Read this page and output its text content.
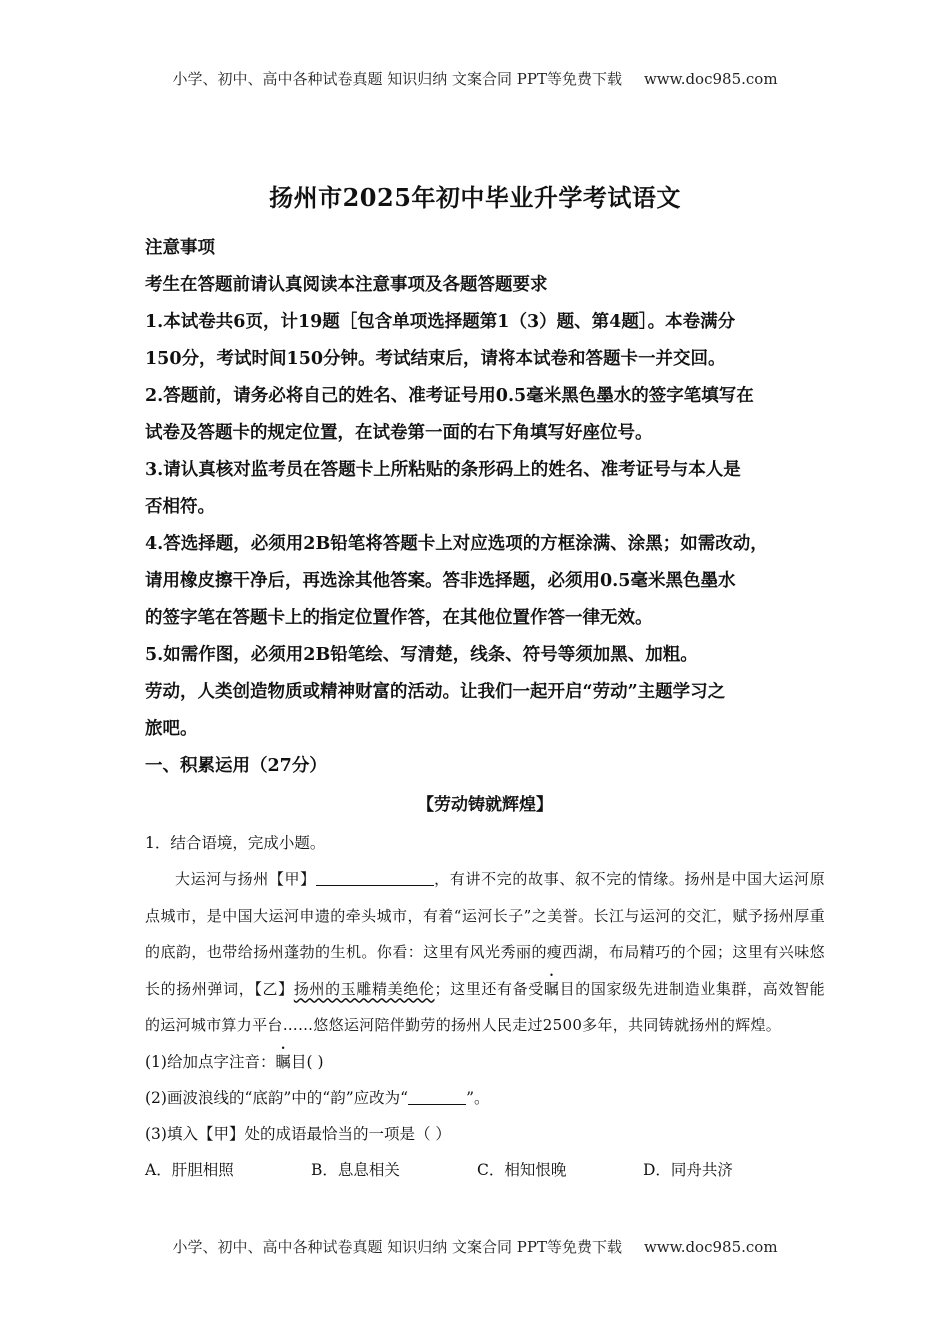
小学、初中、高中各种试卷真题 知识归纳 文案合同 PPT等免费下载 www.doc985.com
扬州市2025年初中毕业升学考试语文

注意事项

考生在答题前请认真阅读本注意事项及各题答题要求

1.本试卷共6页，计19题［包含单项选择题第1（3）题、第4题］。本卷满分

150分，考试时间150分钟。考试结束后，请将本试卷和答题卡一并交回。

2.答题前，请务必将自己的姓名、准考证号用0.5毫米黑色墨水的签字笔填写在

试卷及答题卡的规定位置，在试卷第一面的右下角填写好座位号。

3.请认真核对监考员在答题卡上所粘贴的条形码上的姓名、准考证号与本人是

否相符。

4.答选择题，必须用2B铅笔将答题卡上对应选项的方框涂满、涂黑；如需改动，

请用橡皮擦干净后，再选涂其他答案。答非选择题，必须用0.5毫米黑色墨水

的签字笔在答题卡上的指定位置作答，在其他位置作答一律无效。

5.如需作图，必须用2B铅笔绘、写清楚，线条、符号等须加黑、加粗。

劳动，人类创造物质或精神财富的活动。让我们一起开启“劳动”主题学习之

旅吧。

一、积累运用（27分）

【劳动铸就辉煌】

1．结合语境，完成小题。

大运河与扬州【甲】	，有讲不完的故事、叙不完的情缘。扬州是中国大运河原点城市，是中国大运河申遗的牵头城市，有着“运河长子”之美誉。长江与运河的交汇，赋予扬州厚重的底韵，也带给扬州蓬勃的生机。你看：这里有风光秀丽的瘦西湖，布局精巧的个园；这里有兴味悠长的扬州弹词，【乙】扬州的玉雕精美绝伦；这里还有备受瞩目的国家级先进制造业集群，高效智能的运河城市算力平台……悠悠运河陪伴勤劳的扬州人民走过2500多年，共同铸就扬州的辉煌。

(1)给加点字注音：瞩目( )

(2)画波浪线的“底韵”中的“韵”应改为“	”。

(3)填入【甲】处的成语最恰当的一项是（ ）

A．肝胆相照	B．息息相关	C．相知恨晚	D．同舟共济
小学、初中、高中各种试卷真题 知识归纳 文案合同 PPT等免费下载 www.doc985.com
